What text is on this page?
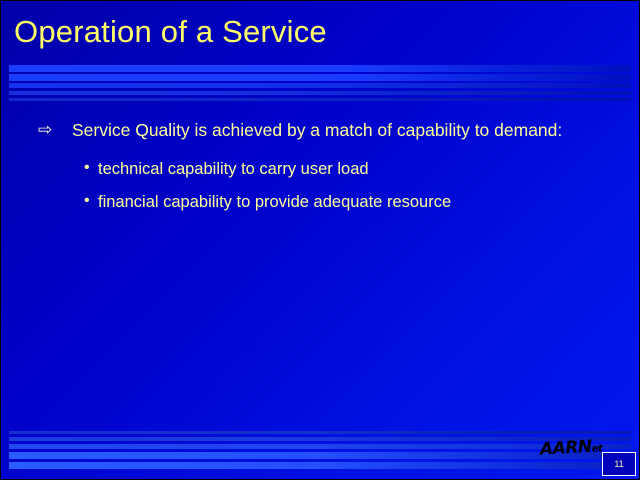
Operation of a Service
⇨ Service Quality is achieved by a match of capability to demand:
• technical capability to carry user load
• financial capability to provide adequate resource
AARNet
11
